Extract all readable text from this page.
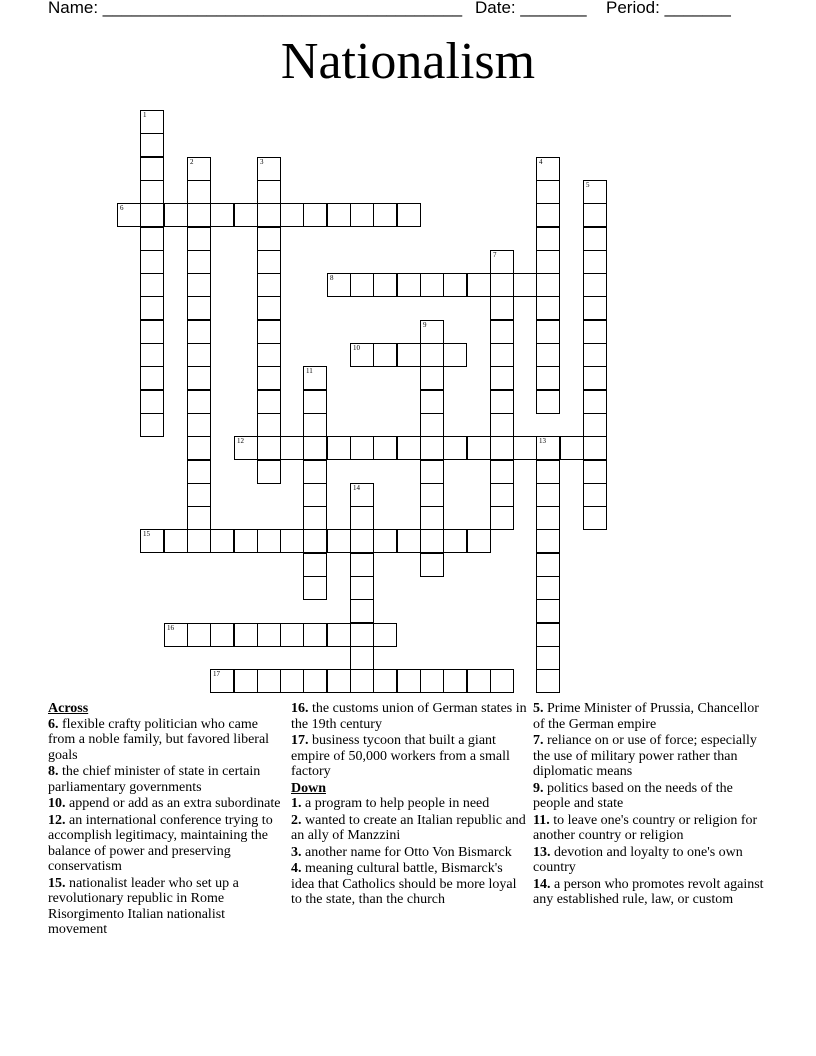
Name: ______________________________________ Date: _______ Period: _______
Nationalism
1
2	3	4
5
6
7
8
9
10
11
12	13
14
15
16
17
Across
6. flexible crafty politician who came from a noble family, but favored liberal goals
8. the chief minister of state in certain parliamentary governments
10. append or add as an extra subordinate
12. an international conference trying to accomplish legitimacy, maintaining the balance of power and preserving conservatism
15. nationalist leader who set up a revolutionary republic in Rome Risorgimento Italian nationalist movement
16. the customs union of German states in the 19th century
17. business tycoon that built a giant empire of 50,000 workers from a small factory
Down
1. a program to help people in need
2. wanted to create an Italian republic and an ally of Manzzini
3. another name for Otto Von Bismarck
4. meaning cultural battle, Bismarck's idea that Catholics should be more loyal to the state, than the church
5. Prime Minister of Prussia, Chancellor of the German empire
7. reliance on or use of force; especially the use of military power rather than diplomatic means
9. politics based on the needs of the people and state
11. to leave one's country or religion for another country or religion
13. devotion and loyalty to one's own country
14. a person who promotes revolt against any established rule, law, or custom
